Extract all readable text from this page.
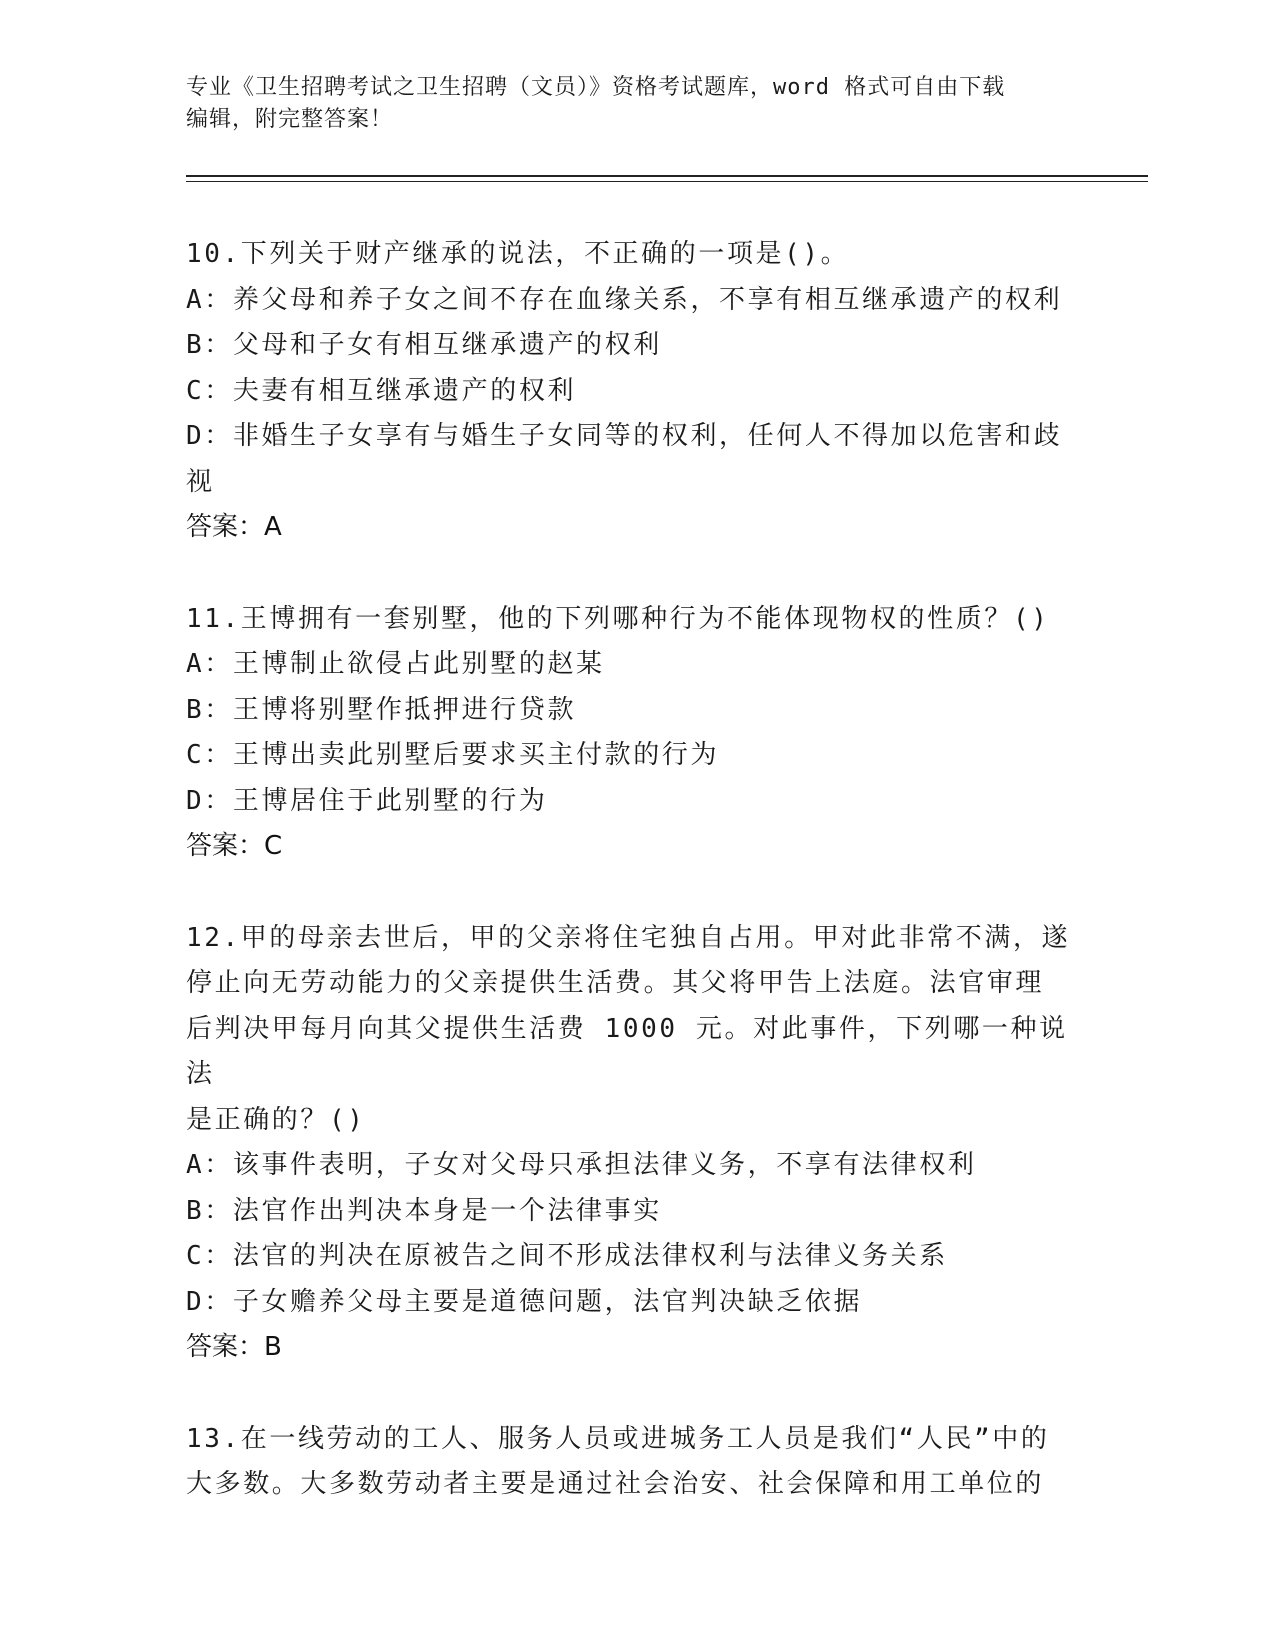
专业《卫生招聘考试之卫生招聘（文员）》资格考试题库，word 格式可自由下载
编辑，附完整答案！
10.下列关于财产继承的说法，不正确的一项是()。
A：养父母和养子女之间不存在血缘关系，不享有相互继承遗产的权利
B：父母和子女有相互继承遗产的权利
C：夫妻有相互继承遗产的权利
D：非婚生子女享有与婚生子女同等的权利，任何人不得加以危害和歧
视
答案：A
11.王博拥有一套别墅，他的下列哪种行为不能体现物权的性质？()
A：王博制止欲侵占此别墅的赵某
B：王博将别墅作抵押进行贷款
C：王博出卖此别墅后要求买主付款的行为
D：王博居住于此别墅的行为
答案：C
12.甲的母亲去世后，甲的父亲将住宅独自占用。甲对此非常不满，遂
停止向无劳动能力的父亲提供生活费。其父将甲告上法庭。法官审理
后判决甲每月向其父提供生活费 1000 元。对此事件，下列哪一种说法
是正确的？()
A：该事件表明，子女对父母只承担法律义务，不享有法律权利
B：法官作出判决本身是一个法律事实
C：法官的判决在原被告之间不形成法律权利与法律义务关系
D：子女赡养父母主要是道德问题，法官判决缺乏依据
答案：B
13.在一线劳动的工人、服务人员或进城务工人员是我们“人民”中的
大多数。大多数劳动者主要是通过社会治安、社会保障和用工单位的
